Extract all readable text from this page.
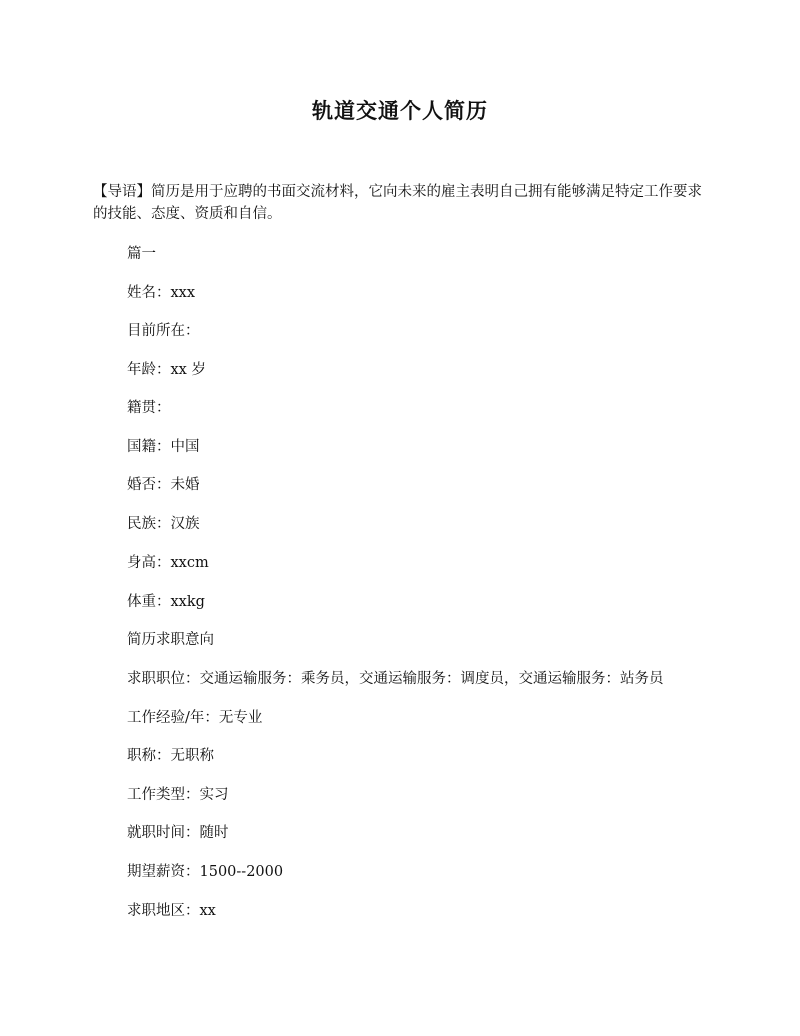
轨道交通个人简历
【导语】简历是用于应聘的书面交流材料，它向未来的雇主表明自己拥有能够满足特定工作要求的技能、态度、资质和自信。
篇一
姓名：xxx
目前所在：
年龄：xx 岁
籍贯：
国籍：中国
婚否：未婚
民族：汉族
身高：xxcm
体重：xxkg
简历求职意向
求职职位：交通运输服务：乘务员，交通运输服务：调度员，交通运输服务：站务员
工作经验/年：无专业
职称：无职称
工作类型：实习
就职时间：随时
期望薪资：1500--2000
求职地区：xx
